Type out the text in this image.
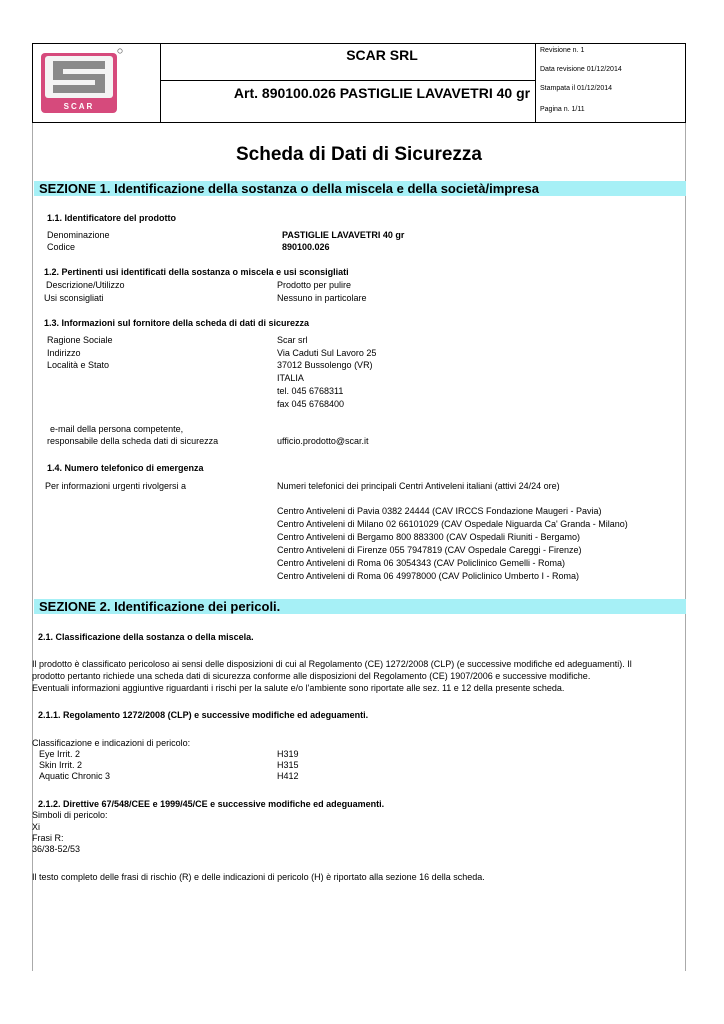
SCAR
SCAR SRL
Art. 890100.026 PASTIGLIE LAVAVETRI 40 gr
Revisione n. 1
Data revisione 01/12/2014
Stampata il 01/12/2014
Pagina n. 1/11
Scheda di Dati di Sicurezza
SEZIONE 1. Identificazione della sostanza o della miscela e della società/impresa
1.1. Identificatore del prodotto
Denominazione	PASTIGLIE LAVAVETRI 40 gr
Codice	890100.026
1.2. Pertinenti usi identificati della sostanza o miscela e usi sconsigliati
Descrizione/Utilizzo	Prodotto per pulire
Usi sconsigliati	Nessuno in particolare
1.3. Informazioni sul fornitore della scheda di dati di sicurezza
Ragione Sociale	Scar srl
Indirizzo	Via Caduti Sul Lavoro 25
Località e Stato	37012 Bussolengo (VR)
ITALIA
tel. 045 6768311
fax 045 6768400
e-mail della persona competente,
responsabile della scheda dati di sicurezza	ufficio.prodotto@scar.it
1.4. Numero telefonico di emergenza
Per informazioni urgenti rivolgersi a	Numeri telefonici dei principali Centri Antiveleni italiani (attivi 24/24 ore)
Centro Antiveleni di Pavia 0382 24444 (CAV IRCCS Fondazione Maugeri - Pavia)
Centro Antiveleni di Milano 02 66101029 (CAV Ospedale Niguarda Ca' Granda - Milano)
Centro Antiveleni di Bergamo 800 883300 (CAV Ospedali Riuniti - Bergamo)
Centro Antiveleni di Firenze 055 7947819 (CAV Ospedale Careggi - Firenze)
Centro Antiveleni di Roma 06 3054343 (CAV Policlinico Gemelli - Roma)
Centro Antiveleni di Roma 06 49978000 (CAV Policlinico Umberto I - Roma)
SEZIONE 2. Identificazione dei pericoli.
2.1. Classificazione della sostanza o della miscela.
Il prodotto è classificato pericoloso ai sensi delle disposizioni di cui al Regolamento (CE) 1272/2008 (CLP) (e successive modifiche ed adeguamenti). Il
prodotto pertanto richiede una scheda dati di sicurezza conforme alle disposizioni del Regolamento (CE) 1907/2006 e successive modifiche.
Eventuali informazioni aggiuntive riguardanti i rischi per la salute e/o l'ambiente sono riportate alle sez. 11 e 12 della presente scheda.
2.1.1. Regolamento 1272/2008 (CLP) e successive modifiche ed adeguamenti.
Classificazione e indicazioni di pericolo:
Eye Irrit. 2	H319
Skin Irrit. 2	H315
Aquatic Chronic 3	H412
2.1.2. Direttive 67/548/CEE e 1999/45/CE e successive modifiche ed adeguamenti.
Simboli di pericolo:
Xi
Frasi R:
36/38-52/53
Il testo completo delle frasi di rischio (R) e delle indicazioni di pericolo (H) è riportato alla sezione 16 della scheda.
